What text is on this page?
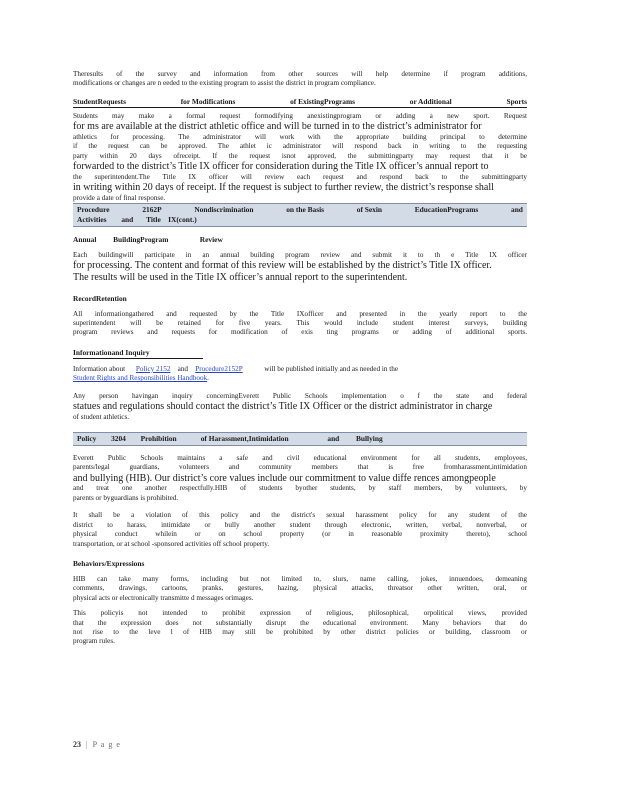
Theresults of the survey and information from other sources will help determine if program additions,

modifications or changes are n eeded to the existing program to assist the district in program compliance.

StudentRequests	for Modifications	of ExistingPrograms	or Additional	Sports

Students may make a formal request formodifying anexistingprogram or adding a new sport. Request

for ms are available at the district athletic office and will be turned in to the district’s administrator for

athletics for processing. The administrator will work with the appropriate building principal to determine

if the request can be approved. The athlet ic administrator will respond back in writing to the requesting

party within 20 days ofreceipt. If the request isnot approved, the submittingparty may request that it be

forwarded to the district’s Title IX officer for consideration during the Title IX officer’s annual report to

the superintendent.The Title IX officer will review each request and respond back to the submittingparty

in writing within 20 days of receipt. If the request is subject to further review, the district’s response shall

provide a date of final response.

Procedure	2162P	Nondiscrimination	on the Basis	of Sexin	EducationPrograms	and
Activities and Title IX(cont.)
Annual BuildingProgram	Review

Each buildingwill participate in an annual building program review and submit it to th e Title IX officer

for processing. The content and format of this review will be established by the district’s Title IX officer.

The results will be used in the Title IX officer’s annual report to the superintendent.

RecordRetention

All informationgathered and requested by the Title IXofficer and presented in the yearly report to the

superintendent will be retained for five years. This would include student interest surveys, building

program reviews and requests for modification of exis ting programs or adding of additional sports.

Informationand Inquiry

Information about Policy 2152 and Procedure2152P	will be published initially and as needed in the

Student Rights and Responsibilities Handbook.

Any person havingan inquiry concerningEverett Public Schools implementation o f the state and federal

statues and regulations should contact the district’s Title IX Officer or the district administrator in charge

of student athletics.

Policy 3204 Prohibition	of Harassment,Intimidation	and Bullying

Everett Public Schools maintains a safe and civil educational environment for all students, employees,

parents/legal guardians, volunteers and community members that is free fromharassment,intimidation

and bullying (HIB). Our district’s core values include our commitment to value diffe rences amongpeople

and treat one another respectfully.HIB of students byother students, by staff members, by volunteers, by

parents or byguardians is prohibited.

It shall be a violation of this policy and the district's sexual harassment policy for any student of the

district to harass, intimidate or bully another student through electronic, written, verbal, nonverbal, or

physical conduct whilein or on school property (or in reasonable proximity thereto), school

transportation, or at school -sponsored activities off school property.

Behaviors/Expressions

HIB can take many forms, including but not limited to, slurs, name calling, jokes, innuendoes, demeaning

comments, drawings, cartoons, pranks, gestures, hazing, physical attacks, threatsor other written, oral, or

physical acts or electronically transmitte d messages orimages.

This policyis not intended to prohibit expression of religious, philosophical, orpolitical views, provided

that the expression does not substantially disrupt the educational environment. Many behaviors that do

not rise to the leve l of HIB may still be prohibited by other district policies or building, classroom or

program rules.

23 | P a g e
